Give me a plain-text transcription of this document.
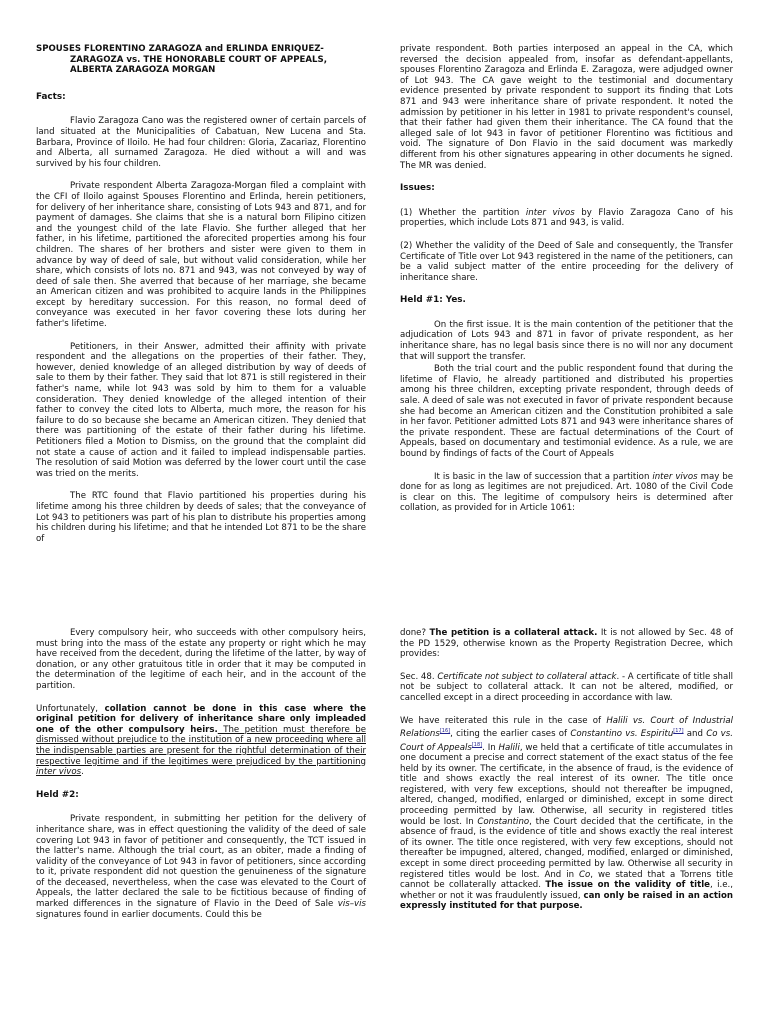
SPOUSES FLORENTINO ZARAGOZA and ERLINDA ENRIQUEZ-
ZARAGOZA vs. THE HONORABLE COURT OF APPEALS,
ALBERTA ZARAGOZA MORGAN
Facts:

Flavio Zaragoza Cano was the registered owner of certain parcels of land situated at the Municipalities of Cabatuan, New Lucena and Sta. Barbara, Province of Iloilo. He had four children: Gloria, Zacariaz, Florentino and Alberta, all surnamed Zaragoza. He died without a will and was survived by his four children.

Private respondent Alberta Zaragoza-Morgan filed a complaint with the CFI of Iloilo against Spouses Florentino and Erlinda, herein petitioners, for delivery of her inheritance share, consisting of Lots 943 and 871, and for payment of damages. She claims that she is a natural born Filipino citizen and the youngest child of the late Flavio. She further alleged that her father, in his lifetime, partitioned the aforecited properties among his four children. The shares of her brothers and sister were given to them in advance by way of deed of sale, but without valid consideration, while her share, which consists of lots no. 871 and 943, was not conveyed by way of deed of sale then. She averred that because of her marriage, she became an American citizen and was prohibited to acquire lands in the Philippines except by hereditary succession. For this reason, no formal deed of conveyance was executed in her favor covering these lots during her father's lifetime.

Petitioners, in their Answer, admitted their affinity with private respondent and the allegations on the properties of their father. They, however, denied knowledge of an alleged distribution by way of deeds of sale to them by their father. They said that lot 871 is still registered in their father's name, while lot 943 was sold by him to them for a valuable consideration. They denied knowledge of the alleged intention of their father to convey the cited lots to Alberta, much more, the reason for his failure to do so because she became an American citizen. They denied that there was partitioning of the estate of their father during his lifetime. Petitioners filed a Motion to Dismiss, on the ground that the complaint did not state a cause of action and it failed to implead indispensable parties. The resolution of said Motion was deferred by the lower court until the case was tried on the merits.

The RTC found that Flavio partitioned his properties during his lifetime among his three children by deeds of sales; that the conveyance of Lot 943 to petitioners was part of his plan to distribute his properties among his children during his lifetime; and that he intended Lot 871 to be the share of

private respondent. Both parties interposed an appeal in the CA, which reversed the decision appealed from, insofar as defendant-appellants, spouses Florentino Zaragoza and Erlinda E. Zaragoza, were adjudged owner of Lot 943. The CA gave weight to the testimonial and documentary evidence presented by private respondent to support its finding that Lots 871 and 943 were inheritance share of private respondent. It noted the admission by petitioner in his letter in 1981 to private respondent's counsel, that their father had given them their inheritance. The CA found that the alleged sale of lot 943 in favor of petitioner Florentino was fictitious and void. The signature of Don Flavio in the said document was markedly different from his other signatures appearing in other documents he signed. The MR was denied.

Issues:

(1) Whether the partition inter vivos by Flavio Zaragoza Cano of his properties, which include Lots 871 and 943, is valid.

(2) Whether the validity of the Deed of Sale and consequently, the Transfer Certificate of Title over Lot 943 registered in the name of the petitioners, can be a valid subject matter of the entire proceeding for the delivery of inheritance share.

Held #1: Yes.

On the first issue. It is the main contention of the petitioner that the adjudication of Lots 943 and 871 in favor of private respondent, as her inheritance share, has no legal basis since there is no will nor any document that will support the transfer.

Both the trial court and the public respondent found that during the lifetime of Flavio, he already partitioned and distributed his properties among his three children, excepting private respondent, through deeds of sale. A deed of sale was not executed in favor of private respondent because she had become an American citizen and the Constitution prohibited a sale in her favor. Petitioner admitted Lots 871 and 943 were inheritance shares of the private respondent. These are factual determinations of the Court of Appeals, based on documentary and testimonial evidence. As a rule, we are bound by findings of facts of the Court of Appeals

It is basic in the law of succession that a partition inter vivos may be done for as long as legitimes are not prejudiced. Art. 1080 of the Civil Code is clear on this. The legitime of compulsory heirs is determined after collation, as provided for in Article 1061:

Every compulsory heir, who succeeds with other compulsory heirs, must bring into the mass of the estate any property or right which he may have received from the decedent, during the lifetime of the latter, by way of donation, or any other gratuitous title in order that it may be computed in the determination of the legitime of each heir, and in the account of the partition.

Unfortunately, collation cannot be done in this case where the original petition for delivery of inheritance share only impleaded one of the other compulsory heirs. The petition must therefore be dismissed without prejudice to the institution of a new proceeding where all the indispensable parties are present for the rightful determination of their respective legitime and if the legitimes were prejudiced by the partitioning inter vivos.

Held #2:

Private respondent, in submitting her petition for the delivery of inheritance share, was in effect questioning the validity of the deed of sale covering Lot 943 in favor of petitioner and consequently, the TCT issued in the latter's name. Although the trial court, as an obiter, made a finding of validity of the conveyance of Lot 943 in favor of petitioners, since according to it, private respondent did not question the genuineness of the signature of the deceased, nevertheless, when the case was elevated to the Court of Appeals, the latter declared the sale to be fictitious because of finding of marked differences in the signature of Flavio in the Deed of Sale vis–vis signatures found in earlier documents. Could this be

done? The petition is a collateral attack. It is not allowed by Sec. 48 of the PD 1529, otherwise known as the Property Registration Decree, which provides:

Sec. 48. Certificate not subject to collateral attack. - A certificate of title shall not be subject to collateral attack. It can not be altered, modified, or cancelled except in a direct proceeding in accordance with law.

We have reiterated this rule in the case of Halili vs. Court of Industrial Relations[16], citing the earlier cases of Constantino vs. Espiritu[17] and Co vs. Court of Appeals[18]. In Halili, we held that a certificate of title accumulates in one document a precise and correct statement of the exact status of the fee held by its owner. The certificate, in the absence of fraud, is the evidence of title and shows exactly the real interest of its owner. The title once registered, with very few exceptions, should not thereafter be impugned, altered, changed, modified, enlarged or diminished, except in some direct proceeding permitted by law. Otherwise, all security in registered titles would be lost. In Constantino, the Court decided that the certificate, in the absence of fraud, is the evidence of title and shows exactly the real interest of its owner. The title once registered, with very few exceptions, should not thereafter be impugned, altered, changed, modified, enlarged or diminished, except in some direct proceeding permitted by law. Otherwise all security in registered titles would be lost. And in Co, we stated that a Torrens title cannot be collaterally attacked. The issue on the validity of title, i.e., whether or not it was fraudulently issued, can only be raised in an action expressly instituted for that purpose.
